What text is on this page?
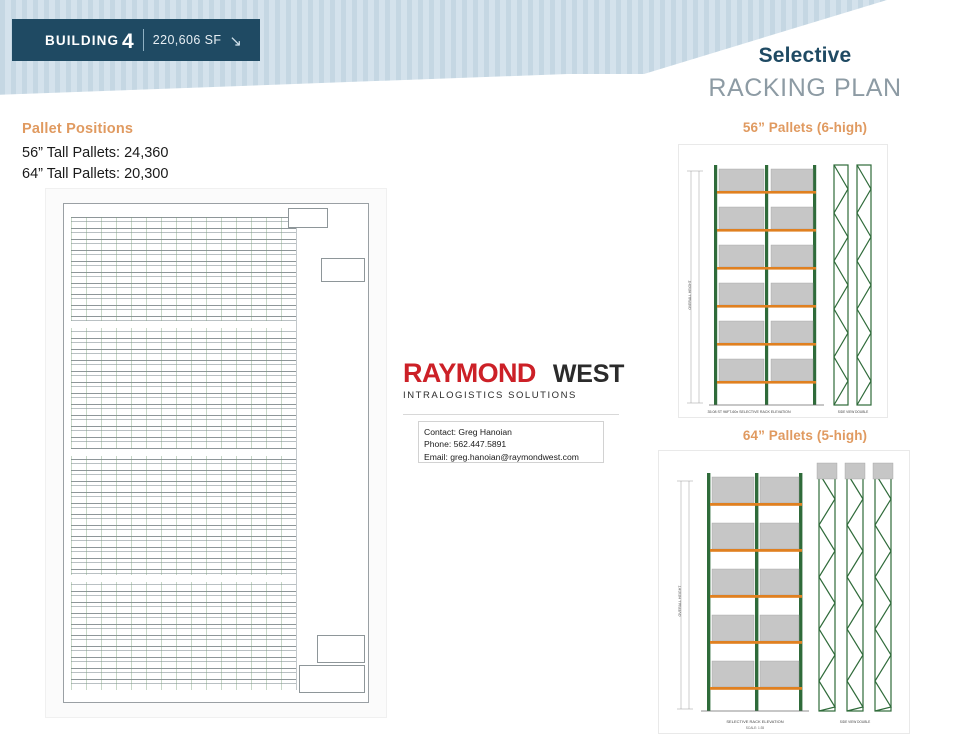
BUILDING 4 220,606 SF ↘
Pallet Positions
56” Tall Pallets: 24,360
64” Tall Pallets: 20,300
RAYMOND WEST
INTRALOGISTICS SOLUTIONS
Contact: Greg Hanoian
Phone: 562.447.5891
Email: greg.hanoian@raymondwest.com
Selective
RACKING PLAN
56” Pallets (6-high)
64” Pallets (5-high)
OVERALL HEIGHT
35.08 ST 96FT-60x SELECTIVE RACK ELEVATION	SIDE VIEW DOUBLE
OVERALL HEIGHT
SELECTIVE RACK ELEVATION
SCALE: 1:35
SIDE VIEW DOUBLE
